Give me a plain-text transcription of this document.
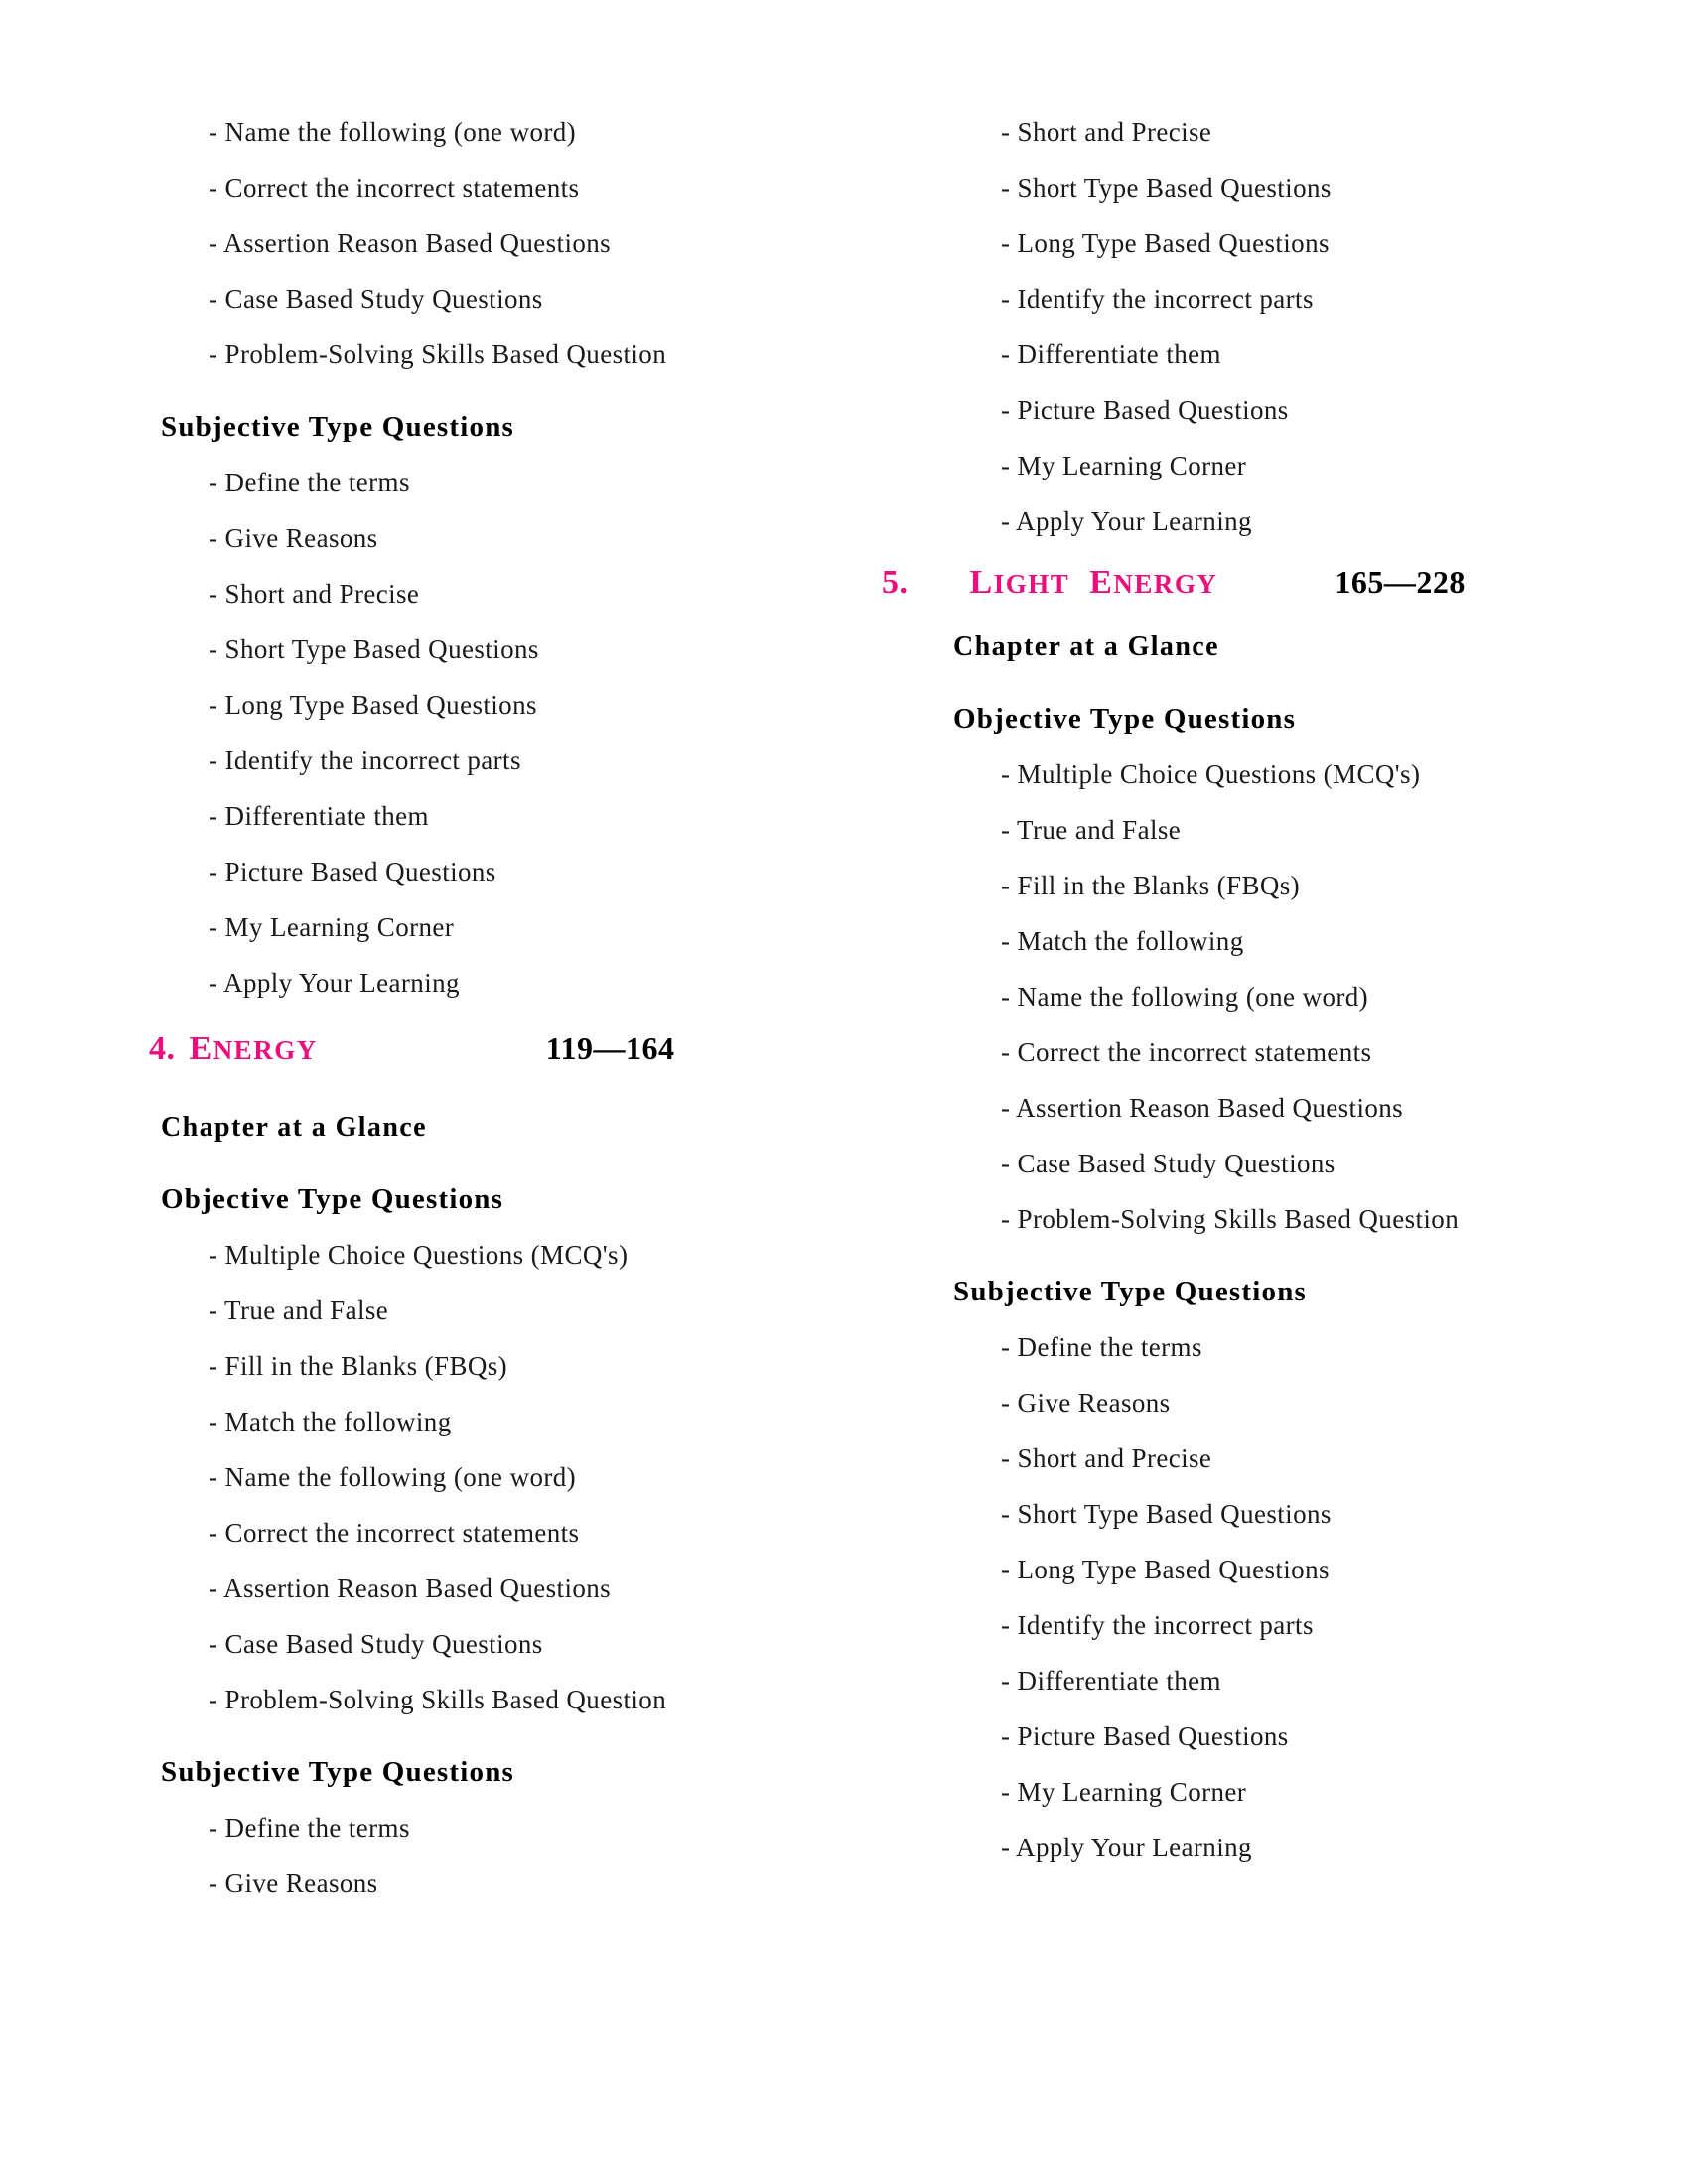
- Name the following (one word)
- Correct the incorrect statements
- Assertion Reason Based Questions
- Case Based Study Questions
- Problem-Solving Skills Based Question
Subjective Type Questions
- Define the terms
- Give Reasons
- Short and Precise
- Short Type Based Questions
- Long Type Based Questions
- Identify the incorrect parts
- Differentiate them
- Picture Based Questions
- My Learning Corner
- Apply Your Learning
4. ENERGY	119—164
Chapter at a Glance
Objective Type Questions
- Multiple Choice Questions (MCQ's)
- True and False
- Fill in the Blanks (FBQs)
- Match the following
- Name the following (one word)
- Correct the incorrect statements
- Assertion Reason Based Questions
- Case Based Study Questions
- Problem-Solving Skills Based Question
Subjective Type Questions
- Define the terms
- Give Reasons
- Short and Precise
- Short Type Based Questions
- Long Type Based Questions
- Identify the incorrect parts
- Differentiate them
- Picture Based Questions
- My Learning Corner
- Apply Your Learning
5. LIGHT ENERGY	165—228
Chapter at a Glance
Objective Type Questions
- Multiple Choice Questions (MCQ's)
- True and False
- Fill in the Blanks (FBQs)
- Match the following
- Name the following (one word)
- Correct the incorrect statements
- Assertion Reason Based Questions
- Case Based Study Questions
- Problem-Solving Skills Based Question
Subjective Type Questions
- Define the terms
- Give Reasons
- Short and Precise
- Short Type Based Questions
- Long Type Based Questions
- Identify the incorrect parts
- Differentiate them
- Picture Based Questions
- My Learning Corner
- Apply Your Learning
